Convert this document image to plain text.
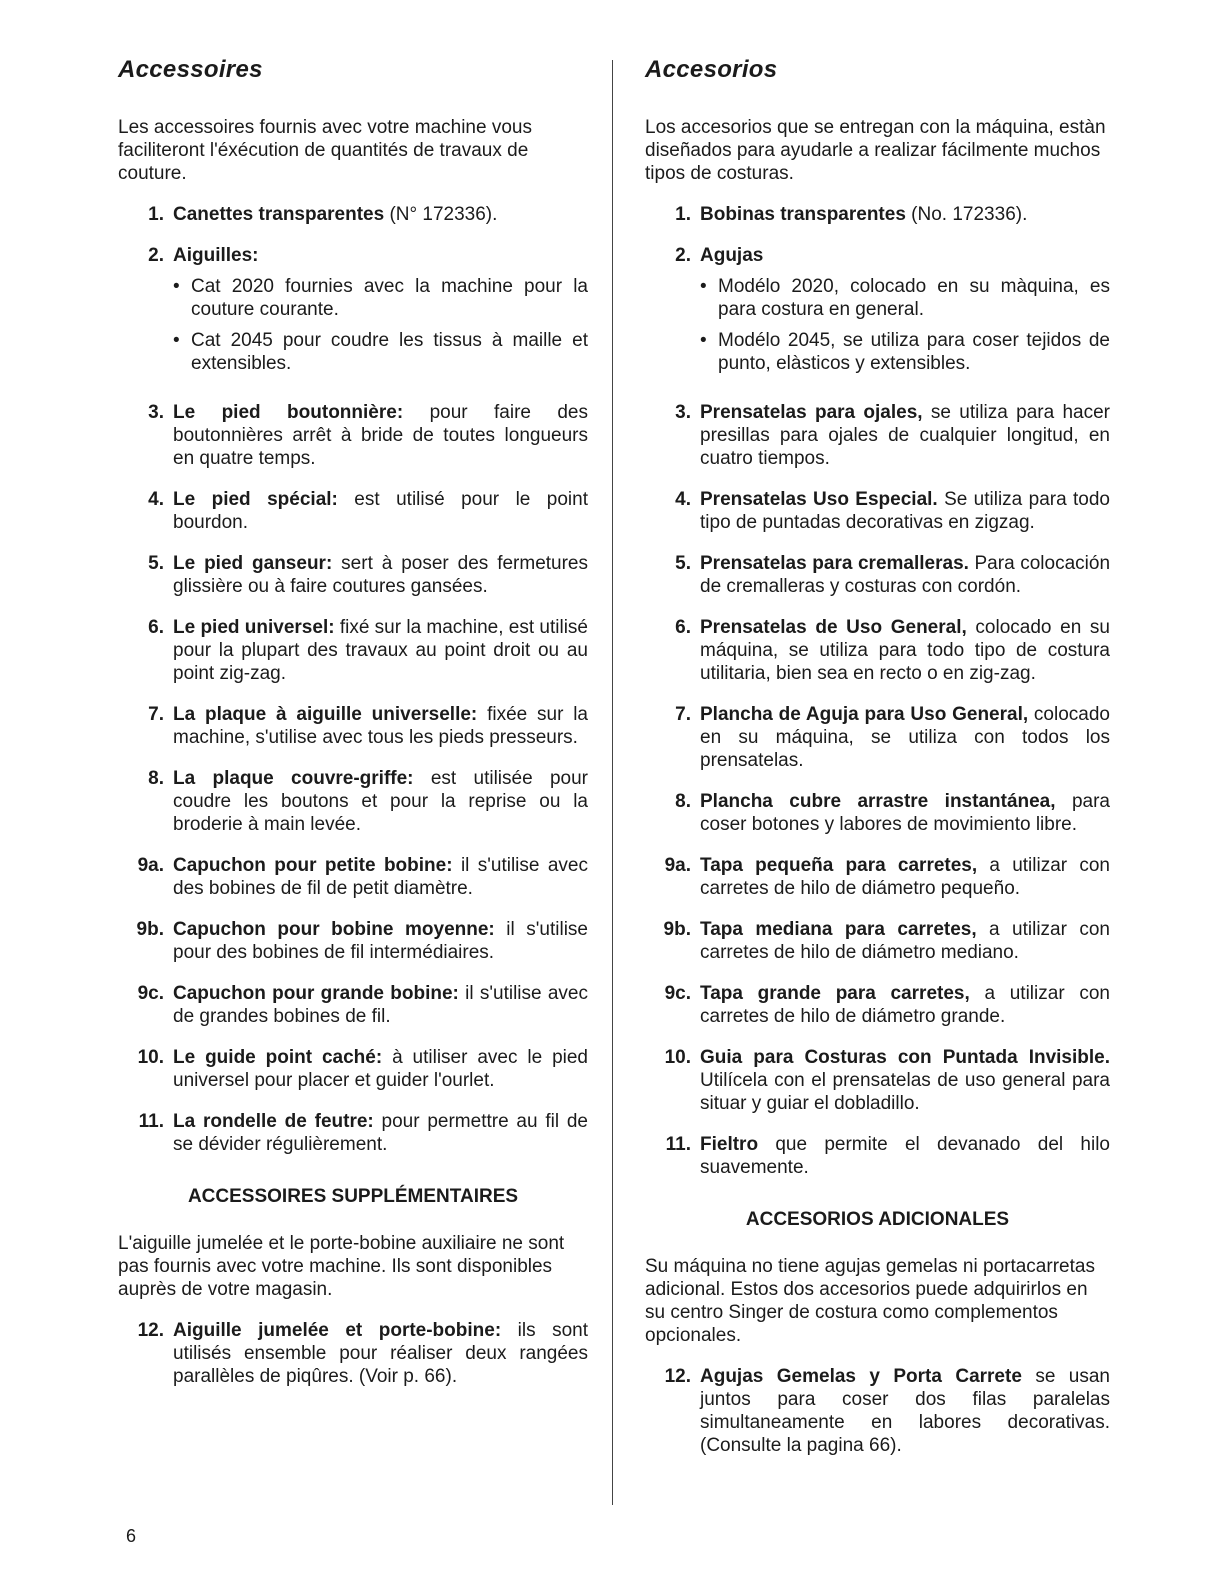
Accessoires

Les accessoires fournis avec votre machine vous faciliteront l'éxécution de quantités de travaux de couture.

1. Canettes transparentes (N° 172336).
2. Aiguilles:
• Cat 2020 fournies avec la machine pour la couture courante.
• Cat 2045 pour coudre les tissus à maille et extensibles.
3. Le pied boutonnière: pour faire des boutonnières arrêt à bride de toutes longueurs en quatre temps.
4. Le pied spécial: est utilisé pour le point bourdon.
5. Le pied ganseur: sert à poser des fermetures glissière ou à faire coutures gansées.
6. Le pied universel: fixé sur la machine, est utilisé pour la plupart des travaux au point droit ou au point zig-zag.
7. La plaque à aiguille universelle: fixée sur la machine, s'utilise avec tous les pieds presseurs.
8. La plaque couvre-griffe: est utilisée pour coudre les boutons et pour la reprise ou la broderie à main levée.
9a. Capuchon pour petite bobine: il s'utilise avec des bobines de fil de petit diamètre.
9b. Capuchon pour bobine moyenne: il s'utilise pour des bobines de fil intermédiaires.
9c. Capuchon pour grande bobine: il s'utilise avec de grandes bobines de fil.
10. Le guide point caché: à utiliser avec le pied universel pour placer et guider l'ourlet.
11. La rondelle de feutre: pour permettre au fil de se dévider régulièrement.
ACCESSOIRES SUPPLÉMENTAIRES

L'aiguille jumelée et le porte-bobine auxiliaire ne sont pas fournis avec votre machine. Ils sont disponibles auprès de votre magasin.

12. Aiguille jumelée et porte-bobine: ils sont utilisés ensemble pour réaliser deux rangées parallèles de piqûres. (Voir p. 66).
Accesorios

Los accesorios que se entregan con la máquina, estàn diseñados para ayudarle a realizar fácilmente muchos tipos de costuras.

1. Bobinas transparentes (No. 172336).
2. Agujas
• Modélo 2020, colocado en su màquina, es para costura en general.
• Modélo 2045, se utiliza para coser tejidos de punto, elàsticos y extensibles.
3. Prensatelas para ojales, se utiliza para hacer presillas para ojales de cualquier longitud, en cuatro tiempos.
4. Prensatelas Uso Especial. Se utiliza para todo tipo de puntadas decorativas en zigzag.
5. Prensatelas para cremalleras. Para colocación de cremalleras y costuras con cordón.
6. Prensatelas de Uso General, colocado en su máquina, se utiliza para todo tipo de costura utilitaria, bien sea en recto o en zig-zag.
7. Plancha de Aguja para Uso General, colocado en su máquina, se utiliza con todos los prensatelas.
8. Plancha cubre arrastre instantánea, para coser botones y labores de movimiento libre.
9a. Tapa pequeña para carretes, a utilizar con carretes de hilo de diámetro pequeño.
9b. Tapa mediana para carretes, a utilizar con carretes de hilo de diámetro mediano.
9c. Tapa grande para carretes, a utilizar con carretes de hilo de diámetro grande.
10. Guia para Costuras con Puntada Invisible. Utilícela con el prensatelas de uso general para situar y guiar el dobladillo.
11. Fieltro que permite el devanado del hilo suavemente.
ACCESORIOS ADICIONALES

Su máquina no tiene agujas gemelas ni portacarretas adicional. Estos dos accesorios puede adquirirlos en su centro Singer de costura como complementos opcionales.

12. Agujas Gemelas y Porta Carrete se usan juntos para coser dos filas paralelas simultaneamente en labores decorativas. (Consulte la pagina 66).
6
